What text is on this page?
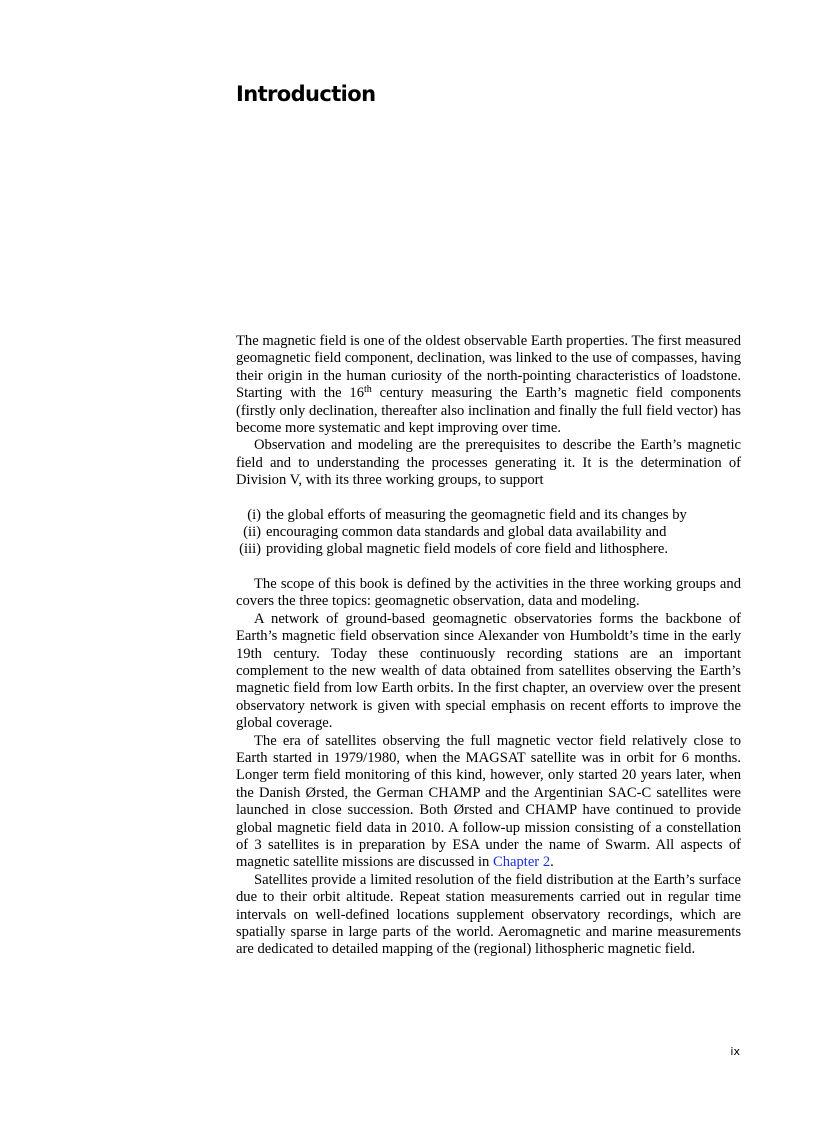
Introduction

The magnetic field is one of the oldest observable Earth properties. The first measured geomagnetic field component, declination, was linked to the use of compasses, having their origin in the human curiosity of the north-pointing characteristics of loadstone. Starting with the 16th century measuring the Earth’s magnetic field components (firstly only declination, thereafter also inclination and finally the full field vector) has become more systematic and kept improving over time.

Observation and modeling are the prerequisites to describe the Earth’s magnetic field and to understanding the processes generating it. It is the determination of Division V, with its three working groups, to support

(i) the global efforts of measuring the geomagnetic field and its changes by
(ii) encouraging common data standards and global data availability and
(iii) providing global magnetic field models of core field and lithosphere.

The scope of this book is defined by the activities in the three working groups and covers the three topics: geomagnetic observation, data and modeling.

A network of ground-based geomagnetic observatories forms the backbone of Earth’s magnetic field observation since Alexander von Humboldt’s time in the early 19th century. Today these continuously recording stations are an important complement to the new wealth of data obtained from satellites observing the Earth’s magnetic field from low Earth orbits. In the first chapter, an overview over the present observatory network is given with special emphasis on recent efforts to improve the global coverage.

The era of satellites observing the full magnetic vector field relatively close to Earth started in 1979/1980, when the MAGSAT satellite was in orbit for 6 months. Longer term field monitoring of this kind, however, only started 20 years later, when the Danish Ørsted, the German CHAMP and the Argentinian SAC-C satellites were launched in close succession. Both Ørsted and CHAMP have continued to provide global magnetic field data in 2010. A follow-up mission consisting of a constellation of 3 satellites is in preparation by ESA under the name of Swarm. All aspects of magnetic satellite missions are discussed in Chapter 2.

Satellites provide a limited resolution of the field distribution at the Earth’s surface due to their orbit altitude. Repeat station measurements carried out in regular time intervals on well-defined locations supplement observatory recordings, which are spatially sparse in large parts of the world. Aeromagnetic and marine measurements are dedicated to detailed mapping of the (regional) lithospheric magnetic field.

ix
